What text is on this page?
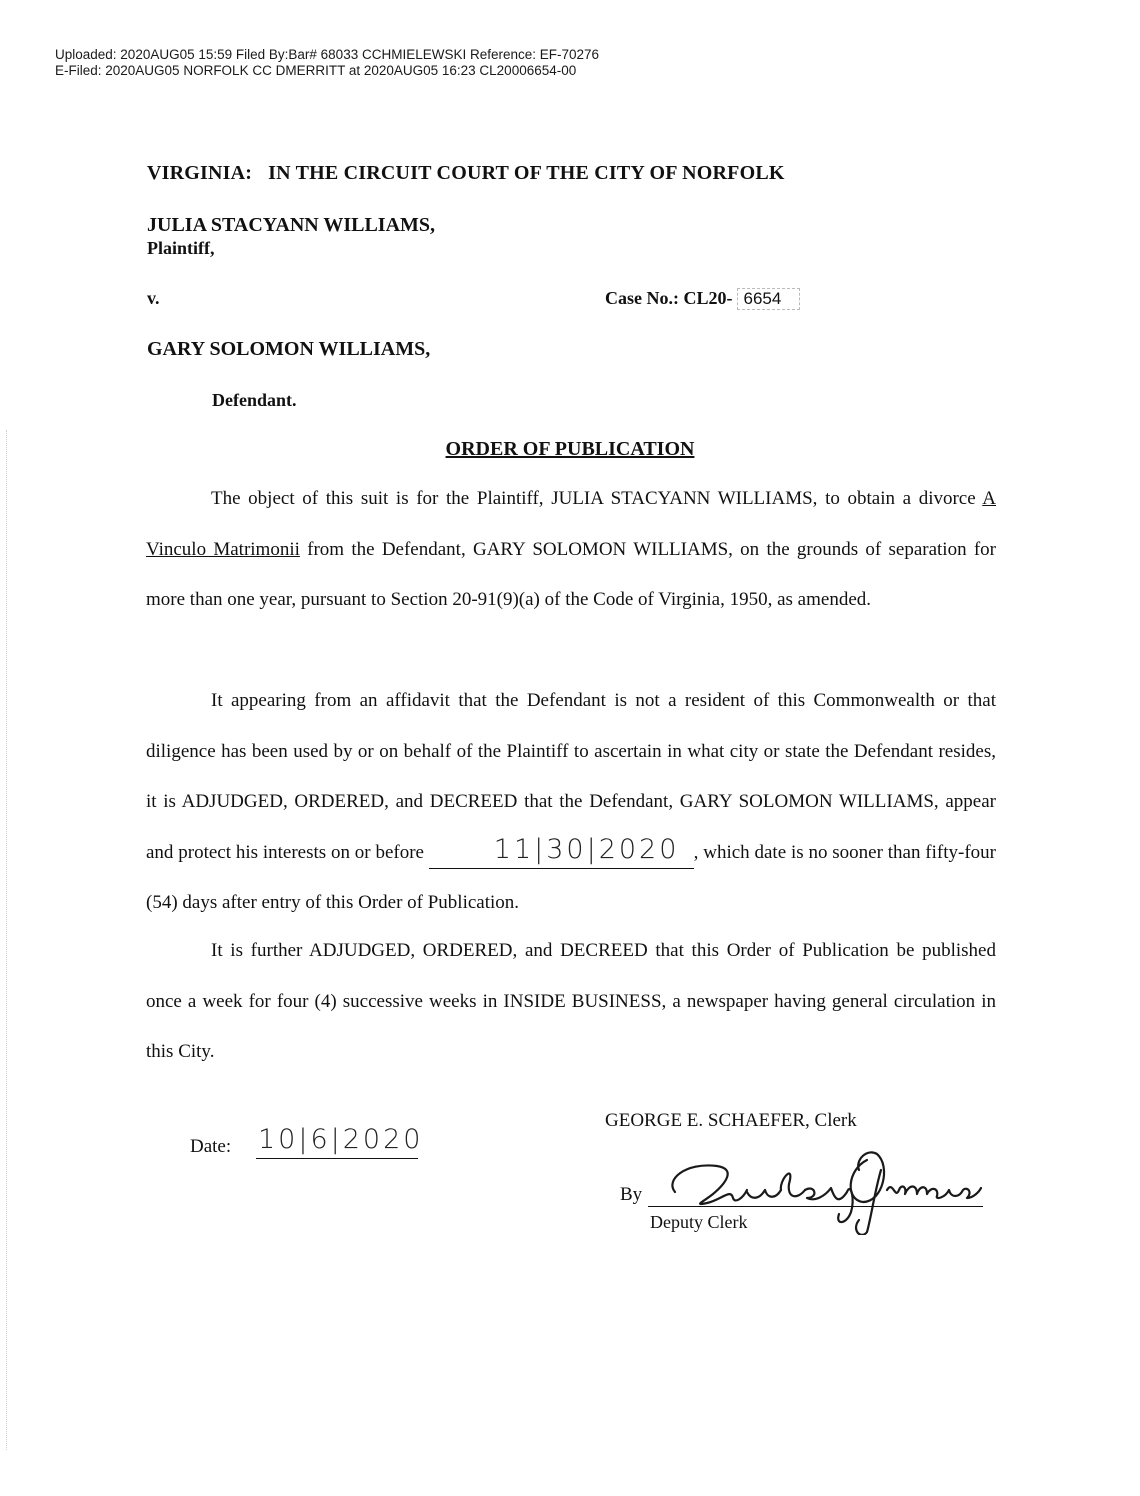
Uploaded: 2020AUG05 15:59 Filed By:Bar# 68033 CCHMIELEWSKI Reference: EF-70276
E-Filed: 2020AUG05 NORFOLK CC DMERRITT at 2020AUG05 16:23 CL20006654-00
VIRGINIA: IN THE CIRCUIT COURT OF THE CITY OF NORFOLK
JULIA STACYANN WILLIAMS,
Plaintiff,
v.	Case No.: CL20- 6654
GARY SOLOMON WILLIAMS,
Defendant.
ORDER OF PUBLICATION

The object of this suit is for the Plaintiff, JULIA STACYANN WILLIAMS, to obtain a divorce A Vinculo Matrimonii from the Defendant, GARY SOLOMON WILLIAMS, on the grounds of separation for more than one year, pursuant to Section 20-91(9)(a) of the Code of Virginia, 1950, as amended.

It appearing from an affidavit that the Defendant is not a resident of this Commonwealth or that diligence has been used by or on behalf of the Plaintiff to ascertain in what city or state the Defendant resides, it is ADJUDGED, ORDERED, and DECREED that the Defendant, GARY SOLOMON WILLIAMS, appear and protect his interests on or before 11|30|2020 , which date is no sooner than fifty-four (54) days after entry of this Order of Publication.

It is further ADJUDGED, ORDERED, and DECREED that this Order of Publication be published once a week for four (4) successive weeks in INSIDE BUSINESS, a newspaper having general circulation in this City.

GEORGE E. SCHAEFER, Clerk
Date: 10|6|2020
By
Deputy Clerk
